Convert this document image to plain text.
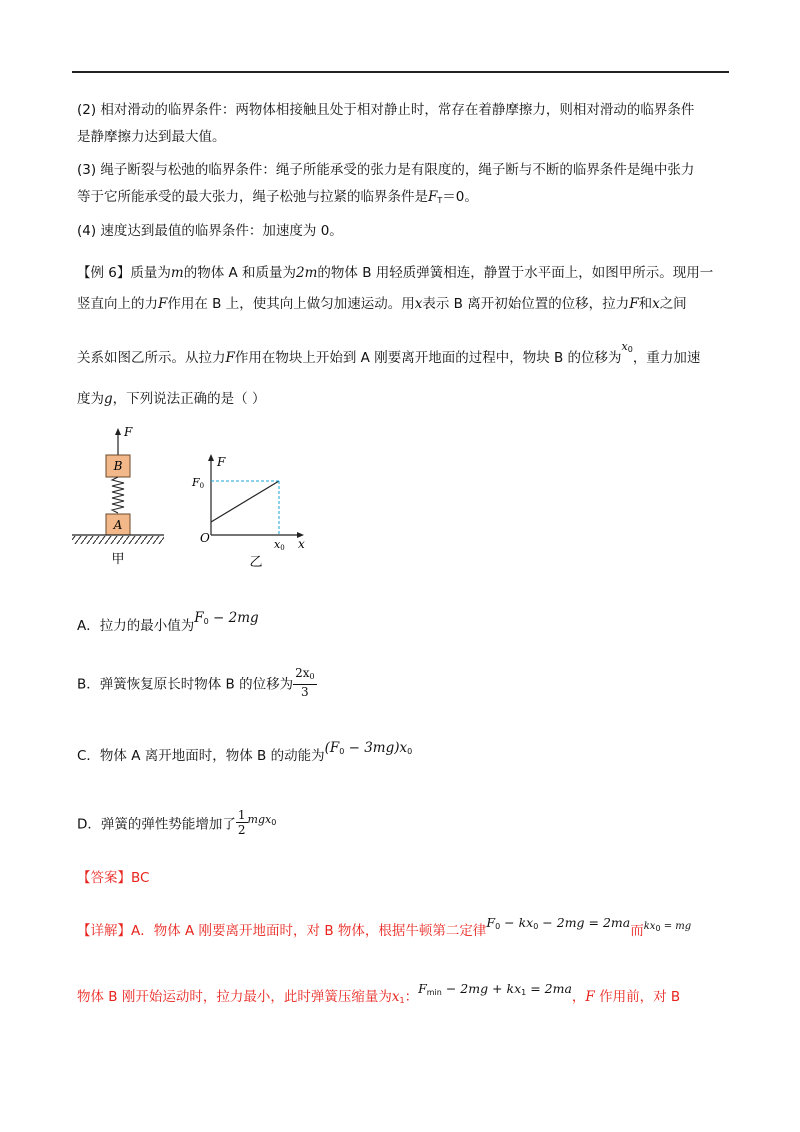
(2) 相对滑动的临界条件：两物体相接触且处于相对静止时，常存在着静摩擦力，则相对滑动的临界条件
是静摩擦力达到最大值。
(3) 绳子断裂与松弛的临界条件：绳子所能承受的张力是有限度的，绳子断与不断的临界条件是绳中张力
等于它所能承受的最大张力，绳子松弛与拉紧的临界条件是$F_T=0$。
(4) 速度达到最值的临界条件：加速度为 0。
【例 6】质量为m的物体 A 和质量为2m的物体 B 用轻质弹簧相连，静置于水平面上，如图甲所示。现用一
竖直向上的力F作用在 B 上，使其向上做匀加速运动。用x表示 B 离开初始位置的位移，拉力F和x之间
关系如图乙所示。从拉力F作用在物块上开始到 A 刚要离开地面的过程中，物块 B 的位移为$^{x_0}$，重力加速
度为g，下列说法正确的是（ ）
F
B
A
甲
F
x
O
F0
x0
乙
A．拉力的最小值为$F_0 - 2mg$
B．弹簧恢复原长时物体 B 的位移为 $\frac{2x_0}{3}$
C．物体 A 离开地面时，物体 B 的动能为$(F_0 - 3mg)x_0$
D．弹簧的弹性势能增加了 $\frac{1}{2} ^{mgx_0}$
【答案】BC
【详解】A．物体 A 刚要离开地面时，对 B 物体，根据牛顿第二定律$F_0 - kx_0 - 2mg = 2ma$而$^{kx_0 = mg}$
物体 B 刚开始运动时，拉力最小，此时弹簧压缩量为$x_1$：$F_{min} - 2mg + kx_1 = 2ma$，F 作用前，对 B
